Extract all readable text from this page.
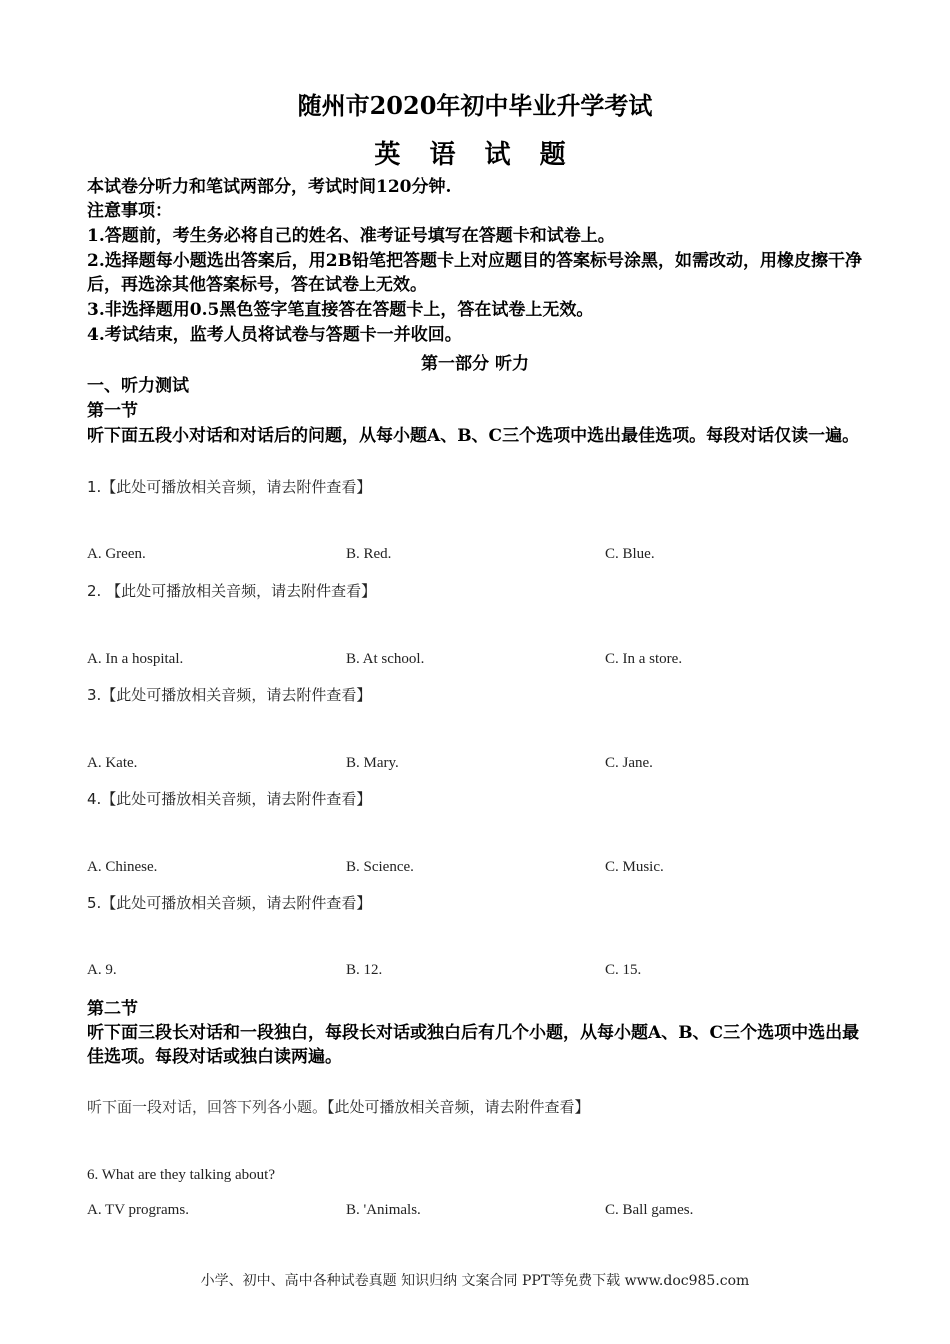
随州市2020年初中毕业升学考试
英 语 试 题
本试卷分听力和笔试两部分，考试时间120分钟.
注意事项：
1.答题前，考生务必将自己的姓名、准考证号填写在答题卡和试卷上。
2.选择题每小题选出答案后，用2B铅笔把答题卡上对应题目的答案标号涂黑，如需改动，用橡皮擦干净后，再选涂其他答案标号，答在试卷上无效。
3.非选择题用0.5黑色签字笔直接答在答题卡上，答在试卷上无效。
4.考试结束，监考人员将试卷与答题卡一并收回。
第一部分 听力
一、听力测试
第一节
听下面五段小对话和对话后的问题，从每小题A、B、C三个选项中选出最佳选项。每段对话仅读一遍。
1.【此处可播放相关音频，请去附件查看】
A. Green.	B. Red.	C. Blue.
2. 【此处可播放相关音频，请去附件查看】
A. In a hospital.	B. At school.	C. In a store.
3.【此处可播放相关音频，请去附件查看】
A. Kate.	B. Mary.	C. Jane.
4.【此处可播放相关音频，请去附件查看】
A. Chinese.	B. Science.	C. Music.
5.【此处可播放相关音频，请去附件查看】
A. 9.	B. 12.	C. 15.
第二节
听下面三段长对话和一段独白，每段长对话或独白后有几个小题，从每小题A、B、C三个选项中选出最佳选项。每段对话或独白读两遍。
听下面一段对话，回答下列各小题。【此处可播放相关音频，请去附件查看】
6. What are they talking about?
A. TV programs.	B. 'Animals.	C. Ball games.
小学、初中、高中各种试卷真题 知识归纳 文案合同 PPT等免费下载 www.doc985.com
